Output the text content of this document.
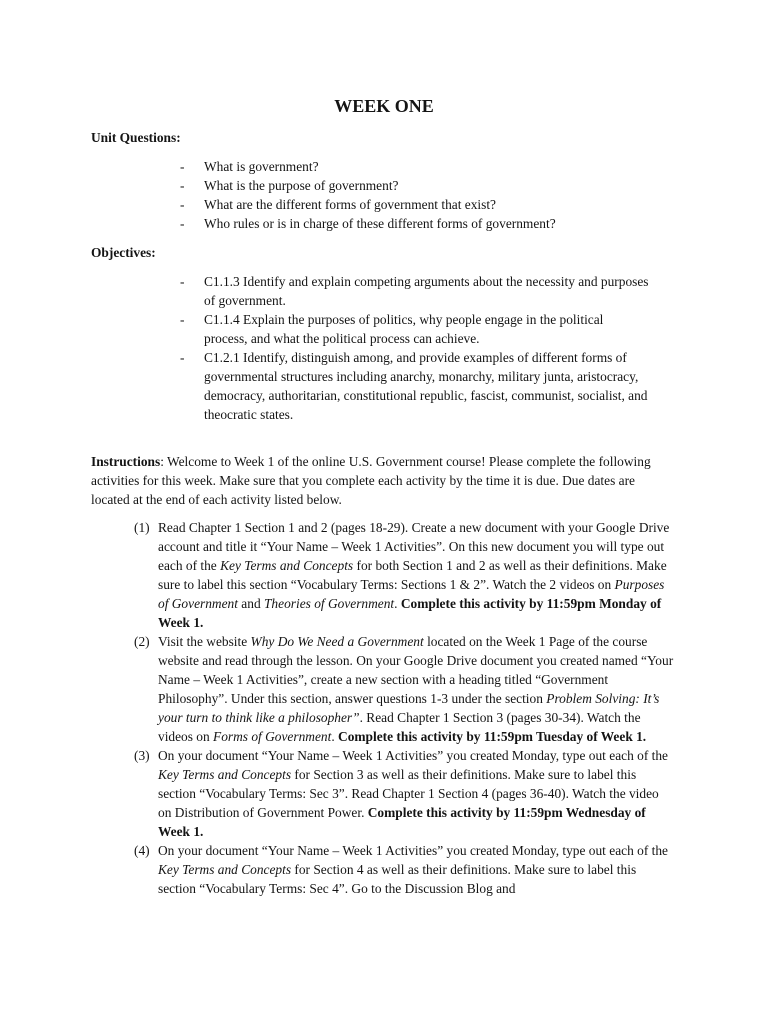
WEEK ONE
Unit Questions:
- What is government?
- What is the purpose of government?
- What are the different forms of government that exist?
- Who rules or is in charge of these different forms of government?
Objectives:
- C1.1.3 Identify and explain competing arguments about the necessity and purposes of government.
- C1.1.4 Explain the purposes of politics, why people engage in the political process, and what the political process can achieve.
- C1.2.1 Identify, distinguish among, and provide examples of different forms of governmental structures including anarchy, monarchy, military junta, aristocracy, democracy, authoritarian, constitutional republic, fascist, communist, socialist, and theocratic states.

Instructions: Welcome to Week 1 of the online U.S. Government course! Please complete the following activities for this week. Make sure that you complete each activity by the time it is due. Due dates are located at the end of each activity listed below.

(1) Read Chapter 1 Section 1 and 2 (pages 18-29). Create a new document with your Google Drive account and title it “Your Name – Week 1 Activities”. On this new document you will type out each of the Key Terms and Concepts for both Section 1 and 2 as well as their definitions. Make sure to label this section “Vocabulary Terms: Sections 1 & 2”. Watch the 2 videos on Purposes of Government and Theories of Government. Complete this activity by 11:59pm Monday of Week 1.
(2) Visit the website Why Do We Need a Government located on the Week 1 Page of the course website and read through the lesson. On your Google Drive document you created named “Your Name – Week 1 Activities”, create a new section with a heading titled “Government Philosophy”. Under this section, answer questions 1-3 under the section Problem Solving: It’s your turn to think like a philosopher”. Read Chapter 1 Section 3 (pages 30-34). Watch the videos on Forms of Government. Complete this activity by 11:59pm Tuesday of Week 1.
(3) On your document “Your Name – Week 1 Activities” you created Monday, type out each of the Key Terms and Concepts for Section 3 as well as their definitions. Make sure to label this section “Vocabulary Terms: Sec 3”. Read Chapter 1 Section 4 (pages 36-40). Watch the video on Distribution of Government Power. Complete this activity by 11:59pm Wednesday of Week 1.
(4) On your document “Your Name – Week 1 Activities” you created Monday, type out each of the Key Terms and Concepts for Section 4 as well as their definitions. Make sure to label this section “Vocabulary Terms: Sec 4”. Go to the Discussion Blog and
